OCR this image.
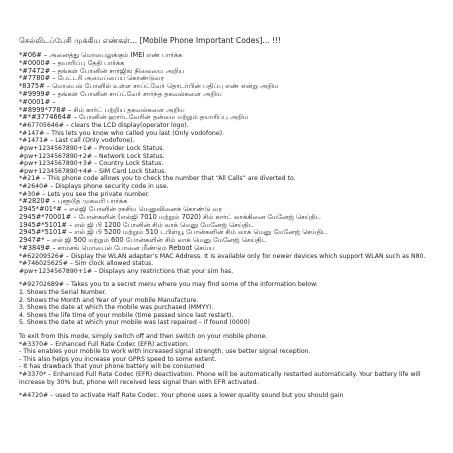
செல்லிடப்பேசி முக்கிய எண்கள்... [Mobile Phone Important Codes]... !!!
*#06# – அனைத்து மொபைலுக்கும் IMEI எண் பார்க்க
*#0000# – தயாரிப்பு தேதி பார்க்க
*#7472# – தங்கள் போனின் சார்ஜிங் நிலையை அறிய
*#7780# – பேட்டரி அமைப்பைய கொண்டுவர
*8375# – மொபைல் போனில் உள்ள சாப்ட்வேர் தொடர்பின் பதிப்பு எண் என்று அறிய
*#9999# – தங்கள் போனின் சாப்ட்வேர் சார்ந்த தகவல்களை அறிய
*#0001# –
*#8999*778# – சிம் கார்ட் பற்றிய தகவல்களை அறிய
*#*#3774664# – போனின் ஹார்டவேரின் தன்மை மற்றும் தயாரிப்பு அறிய
*#67705646# – clears the LCD display(operator logo).
*#147# – This lets you know who called you last (Only vodofone).
*#1471# – Last call (Only vodofone).
#pw+1234567890+1# – Provider Lock Status.
#pw+1234567890+2# – Network Lock Status.
#pw+1234567890+3# – Country Lock Status.
#pw+1234567890+4# – SIM Card Lock Status.
*#21# – This phone code allows you to check the number that “All Calls” are diverted to.
*#2640# – Displays phone security code in use.
*#30# – Lets you see the private number.
*#2820# – புளூடூத் முகவரி பார்க்க
2945*#01*# – எல்ஜி போனின் ரகசிய மெனுவினைக் கொண்டு வர
2945#*70001# – போன்களின் (எல்ஜி 7010 மற்றும் 7020) சிம் கார்ட் லாக்கினை மேனேஜ் செய்திட
1945#*5101# – எல் ஜி பி 1200 போனின் சிம் லாக் மெனு மேனேஜ் செய்திட
2945#*5101# – எல் ஜி பி 5200 மற்றும் 510 டபிள்யூ போன்களின் சிம் லாக் மெனு மேனேஜ் செய்திட
2947#* – எல் ஜி 500 மற்றும் 600 போன்களின் சிம் லாக் மெனு மேனேஜ் செய்திட
*#3849# – சாம்சங் மொபைல் போனை மீண்டும் Reboot செய்ய
*#62209526# – Display the WLAN adapter’s MAC Address. It is available only for newer devices which support WLAN such as N80.
*#746025625# – Sim clock allowed status.
#pw+1234567890+1# – Displays any restrictions that your sim has.
*#92702689# – Takes you to a secret menu where you may find some of the information below:
1. Shows the Serial Number.
2. Shows the Month and Year of your mobile Manufacture.
3. Shows the date at which the mobile was purchased (MMYY).
4. Shows the life time of your mobile (time passed since last restart).
5. Shows the date at which your mobile was last repaired – if found (0000)
To exit from this mode, simply switch off and then switch on your mobile phone.
*#3370# – Enhanced Full Rate Codec (EFR) activation.
- This enables your mobile to work with increased signal strength, use better signal reception.
- This also helps you increase your GPRS speed to some extent.
- It has drawback that your phone battery will be consumed
*#3370* – Enhanced Full Rate Codec (EFR) deactivation. Phone will be automatically restarted automatically. Your battery life will increase by 30% but, phone will received less signal than with EFR activated.
*#4720# – used to activate Half Rate Codec. Your phone uses a lower quality sound but you should gain
